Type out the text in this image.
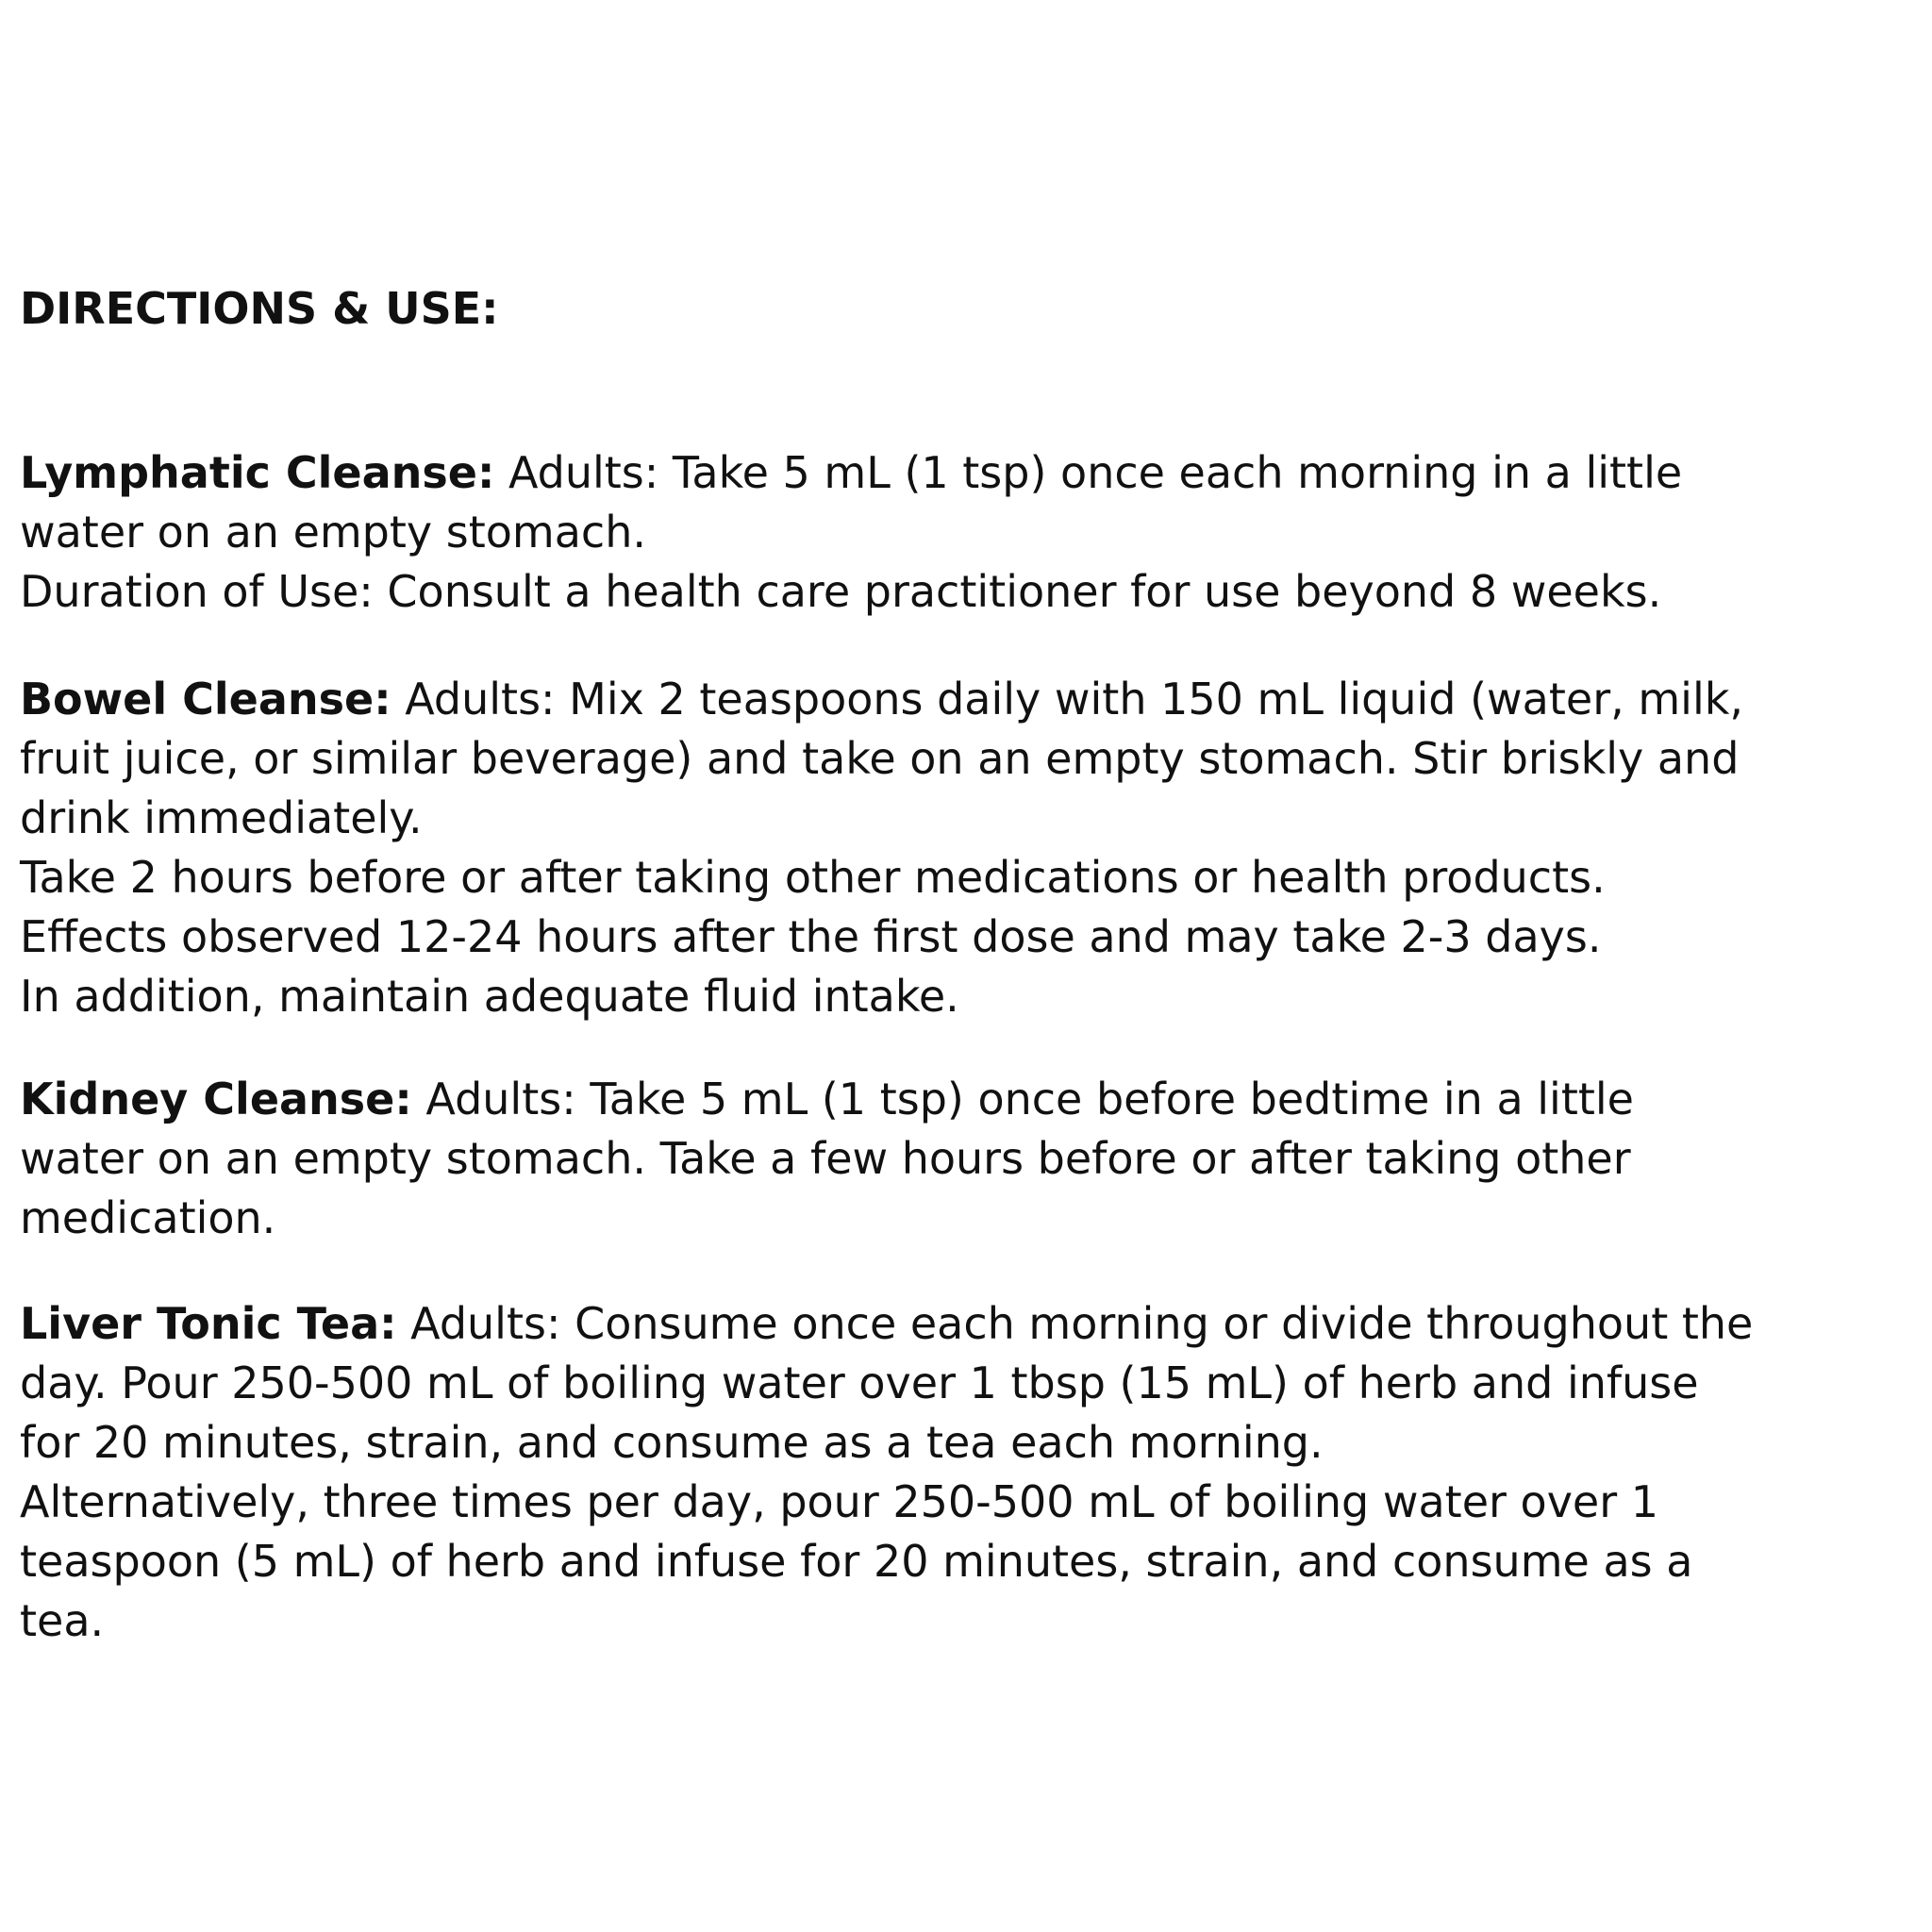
DIRECTIONS & USE:

Lymphatic Cleanse: Adults: Take 5 mL (1 tsp) once each morning in a little

water on an empty stomach.

Duration of Use: Consult a health care practitioner for use beyond 8 weeks.

Bowel Cleanse: Adults: Mix 2 teaspoons daily with 150 mL liquid (water, milk,

fruit juice, or similar beverage) and take on an empty stomach. Stir briskly and

drink immediately.

Take 2 hours before or after taking other medications or health products.

Effects observed 12-24 hours after the first dose and may take 2-3 days.

In addition, maintain adequate fluid intake.

Kidney Cleanse: Adults: Take 5 mL (1 tsp) once before bedtime in a little

water on an empty stomach. Take a few hours before or after taking other

medication.

Liver Tonic Tea: Adults: Consume once each morning or divide throughout the

day. Pour 250-500 mL of boiling water over 1 tbsp (15 mL) of herb and infuse

for 20 minutes, strain, and consume as a tea each morning.

Alternatively, three times per day, pour 250-500 mL of boiling water over 1

teaspoon (5 mL) of herb and infuse for 20 minutes, strain, and consume as a

tea.
